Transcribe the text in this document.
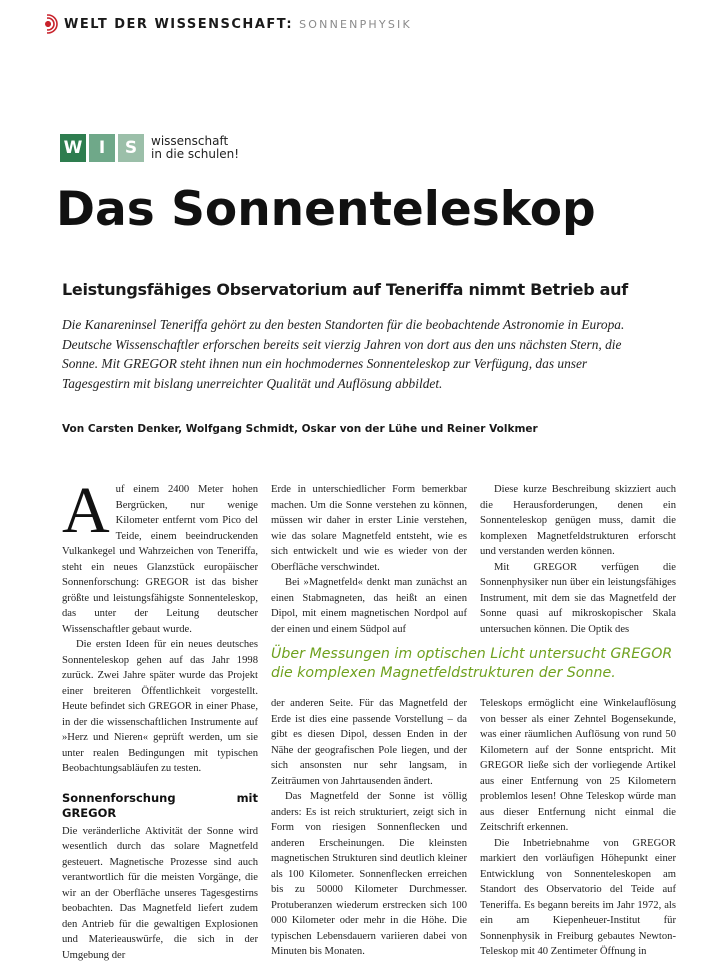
WELT DER WISSENSCHAFT: SONNENPHYSIK
W I	S	wissenschaft
in die schulen!
Das Sonnenteleskop
Leistungsfähiges Observatorium auf Teneriffa nimmt Betrieb auf
Die Kanareninsel Teneriffa gehört zu den besten Standorten für die beobachtende Astronomie in Europa. Deutsche Wissenschaftler erforschen bereits seit vierzig Jahren von dort aus den uns nächsten Stern, die Sonne. Mit GREGOR steht ihnen nun ein hochmodernes Sonnenteleskop zur Verfügung, das unser Tagesgestirn mit bislang unerreichter Qualität und Auflösung abbildet.
Von Carsten Denker, Wolfgang Schmidt, Oskar von der Lühe und Reiner Volkmer

Auf einem 2400 Meter hohen Bergrücken, nur wenige Kilometer entfernt vom Pico del Teide, einem beeindruckenden Vulkankegel und Wahrzeichen von Teneriffa, steht ein neues Glanzstück europäischer Sonnenforschung: GREGOR ist das bisher größte und leistungsfähigste Sonnenteleskop, das unter der Leitung deutscher Wissenschaftler gebaut wurde.

Die ersten Ideen für ein neues deutsches Sonnenteleskop gehen auf das Jahr 1998 zurück. Zwei Jahre später wurde das Projekt einer breiteren Öffentlichkeit vorgestellt. Heute befindet sich GREGOR in einer Phase, in der die wissenschaftlichen Instrumente auf »Herz und Nieren« geprüft werden, um sie unter realen Bedingungen mit typischen Beobachtungsabläufen zu testen.

Sonnenforschung mit GREGOR

Die veränderliche Aktivität der Sonne wird wesentlich durch das solare Magnetfeld gesteuert. Magnetische Prozesse sind auch verantwortlich für die meisten Vorgänge, die wir an der Oberfläche unseres Tagesgestirns beobachten. Das Magnetfeld liefert zudem den Antrieb für die gewaltigen Explosionen und Materieauswürfe, die sich in der Umgebung der

Erde in unterschiedlicher Form bemerkbar machen. Um die Sonne verstehen zu können, müssen wir daher in erster Linie verstehen, wie das solare Magnetfeld entsteht, wie es sich entwickelt und wie es wieder von der Oberfläche verschwindet.

Bei »Magnetfeld« denkt man zunächst an einen Stabmagneten, das heißt an einen Dipol, mit einem magnetischen Nordpol auf der einen und einem Südpol auf

Diese kurze Beschreibung skizziert auch die Herausforderungen, denen ein Sonnenteleskop genügen muss, damit die komplexen Magnetfeldstrukturen erforscht und verstanden werden können.

Mit GREGOR verfügen die Sonnenphysiker nun über ein leistungsfähiges Instrument, mit dem sie das Magnetfeld der Sonne quasi auf mikroskopischer Skala untersuchen können. Die Optik des

Über Messungen im optischen Licht untersucht GREGOR die komplexen Magnetfeldstrukturen der Sonne.

der anderen Seite. Für das Magnetfeld der Erde ist dies eine passende Vorstellung – da gibt es diesen Dipol, dessen Enden in der Nähe der geografischen Pole liegen, und der sich ansonsten nur sehr langsam, in Zeiträumen von Jahrtausenden ändert.

Das Magnetfeld der Sonne ist völlig anders: Es ist reich strukturiert, zeigt sich in Form von riesigen Sonnenflecken und anderen Erscheinungen. Die kleinsten magnetischen Strukturen sind deutlich kleiner als 100 Kilometer. Sonnenflecken erreichen bis zu 50000 Kilometer Durchmesser. Protuberanzen wiederum erstrecken sich 100 000 Kilometer oder mehr in die Höhe. Die typischen Lebensdauern variieren dabei von Minuten bis Monaten.

Teleskops ermöglicht eine Winkelauflösung von besser als einer Zehntel Bogensekunde, was einer räumlichen Auflösung von rund 50 Kilometern auf der Sonne entspricht. Mit GREGOR ließe sich der vorliegende Artikel aus einer Entfernung von 25 Kilometern problemlos lesen! Ohne Teleskop würde man aus dieser Entfernung nicht einmal die Zeitschrift erkennen.

Die Inbetriebnahme von GREGOR markiert den vorläufigen Höhepunkt einer Entwicklung von Sonnenteleskopen am Standort des Observatorio del Teide auf Teneriffa. Es begann bereits im Jahr 1972, als ein am Kiepenheuer-Institut für Sonnenphysik in Freiburg gebautes Newton-Teleskop mit 40 Zentimeter Öffnung in
